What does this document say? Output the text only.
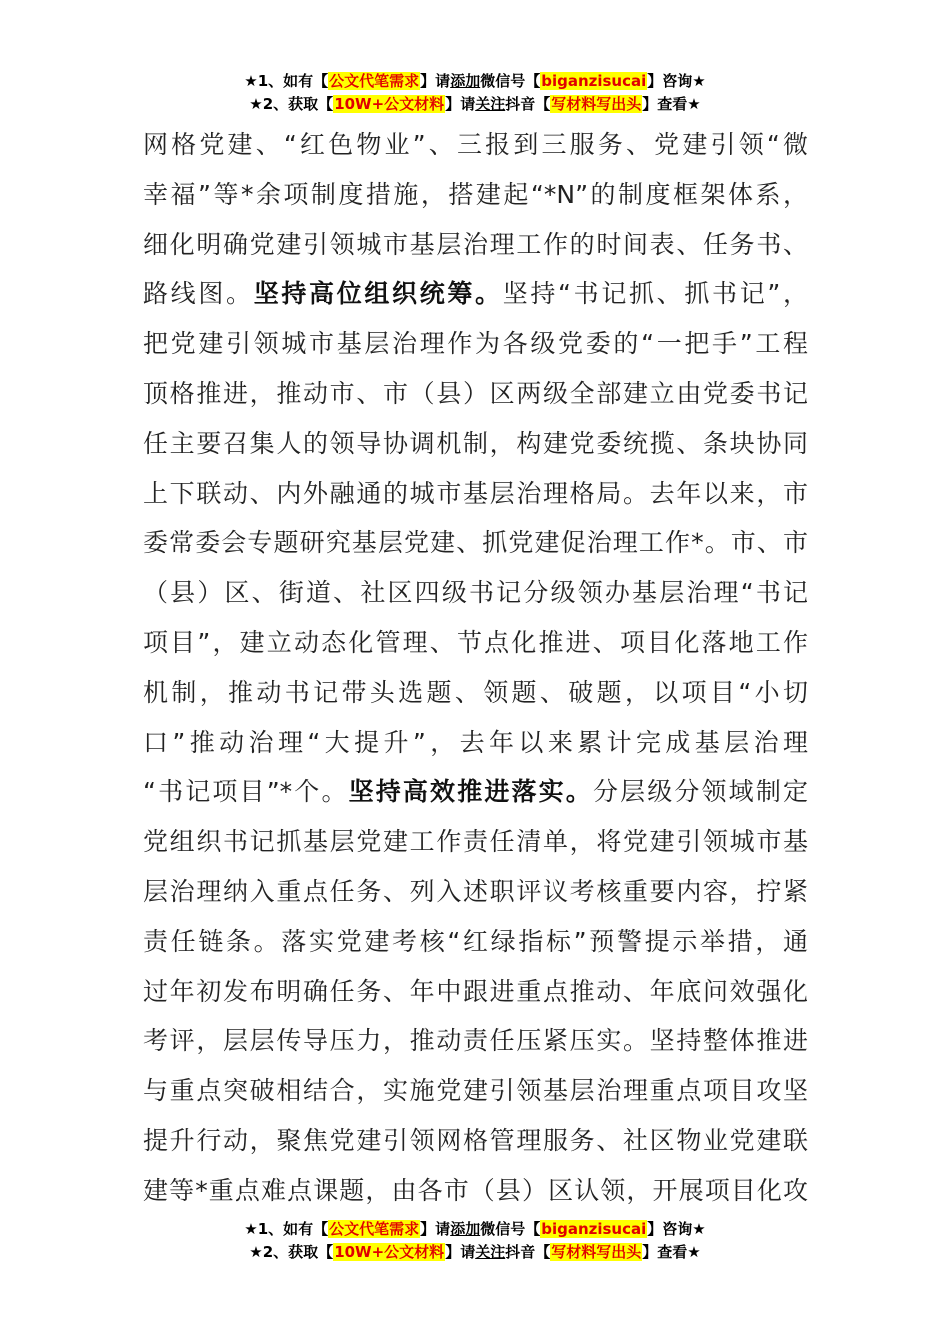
★1、如有【公文代笔需求】请添加微信号【biganzisucai】咨询★
★2、获取【10W+公文材料】请关注抖音【写材料写出头】查看★
网格党建、“红色物业”、三报到三服务、党建引领“微
幸福”等*余项制度措施，搭建起“*N”的制度框架体系，
细化明确党建引领城市基层治理工作的时间表、任务书、
路线图。坚持高位组织统筹。坚持“书记抓、抓书记”，
把党建引领城市基层治理作为各级党委的“一把手”工程
顶格推进，推动市、市（县）区两级全部建立由党委书记
任主要召集人的领导协调机制，构建党委统揽、条块协同
上下联动、内外融通的城市基层治理格局。去年以来，市
委常委会专题研究基层党建、抓党建促治理工作*。市、市
（县）区、街道、社区四级书记分级领办基层治理“书记
项目”，建立动态化管理、节点化推进、项目化落地工作
机制，推动书记带头选题、领题、破题，以项目“小切
口”推动治理“大提升”，去年以来累计完成基层治理
“书记项目”*个。坚持高效推进落实。分层级分领域制定
党组织书记抓基层党建工作责任清单，将党建引领城市基
层治理纳入重点任务、列入述职评议考核重要内容，拧紧
责任链条。落实党建考核“红绿指标”预警提示举措，通
过年初发布明确任务、年中跟进重点推动、年底问效强化
考评，层层传导压力，推动责任压紧压实。坚持整体推进
与重点突破相结合，实施党建引领基层治理重点项目攻坚
提升行动，聚焦党建引领网格管理服务、社区物业党建联
建等*重点难点课题，由各市（县）区认领，开展项目化攻
★1、如有【公文代笔需求】请添加微信号【biganzisucai】咨询★
★2、获取【10W+公文材料】请关注抖音【写材料写出头】查看★
